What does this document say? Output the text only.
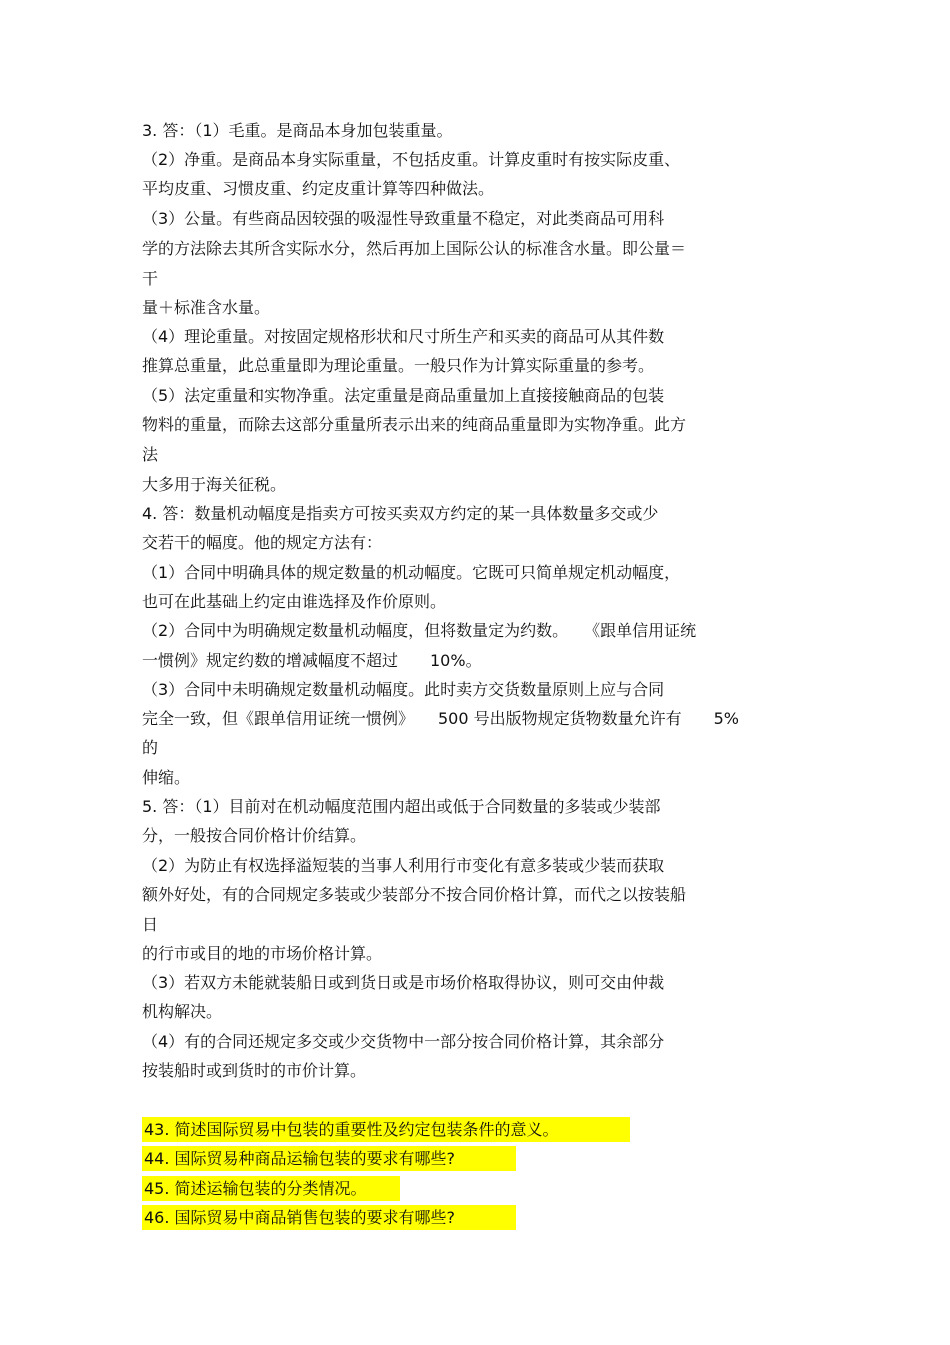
3. 答：（1）毛重。是商品本身加包装重量。
（2）净重。是商品本身实际重量，不包括皮重。计算皮重时有按实际皮重、
平均皮重、习惯皮重、约定皮重计算等四种做法。
（3）公量。有些商品因较强的吸湿性导致重量不稳定，对此类商品可用科
学的方法除去其所含实际水分，然后再加上国际公认的标准含水量。即公量＝
干
量＋标准含水量。
（4）理论重量。对按固定规格形状和尺寸所生产和买卖的商品可从其件数
推算总重量，此总重量即为理论重量。一般只作为计算实际重量的参考。
（5）法定重量和实物净重。法定重量是商品重量加上直接接触商品的包装
物料的重量，而除去这部分重量所表示出来的纯商品重量即为实物净重。此方
法
大多用于海关征税。
4. 答：数量机动幅度是指卖方可按买卖双方约定的某一具体数量多交或少
交若干的幅度。他的规定方法有：
（1）合同中明确具体的规定数量的机动幅度。它既可只简单规定机动幅度，
也可在此基础上约定由谁选择及作价原则。
（2）合同中为明确规定数量机动幅度，但将数量定为约数。　　《跟单信用证统
一惯例》规定约数的增减幅度不超过　　10%。
（3）合同中未明确规定数量机动幅度。此时卖方交货数量原则上应与合同
完全一致，但《跟单信用证统一惯例》　　500 号出版物规定货物数量允许有　　5%
的
伸缩。
5. 答：（1）目前对在机动幅度范围内超出或低于合同数量的多装或少装部
分，一般按合同价格计价结算。
（2）为防止有权选择溢短装的当事人利用行市变化有意多装或少装而获取
额外好处，有的合同规定多装或少装部分不按合同价格计算，而代之以按装船
日
的行市或目的地的市场价格计算。
（3）若双方未能就装船日或到货日或是市场价格取得协议，则可交由仲裁
机构解决。
（4）有的合同还规定多交或少交货物中一部分按合同价格计算，其余部分
按装船时或到货时的市价计算。
43. 简述国际贸易中包装的重要性及约定包装条件的意义。
44. 国际贸易种商品运输包装的要求有哪些?
45. 简述运输包装的分类情况。
46. 国际贸易中商品销售包装的要求有哪些?
